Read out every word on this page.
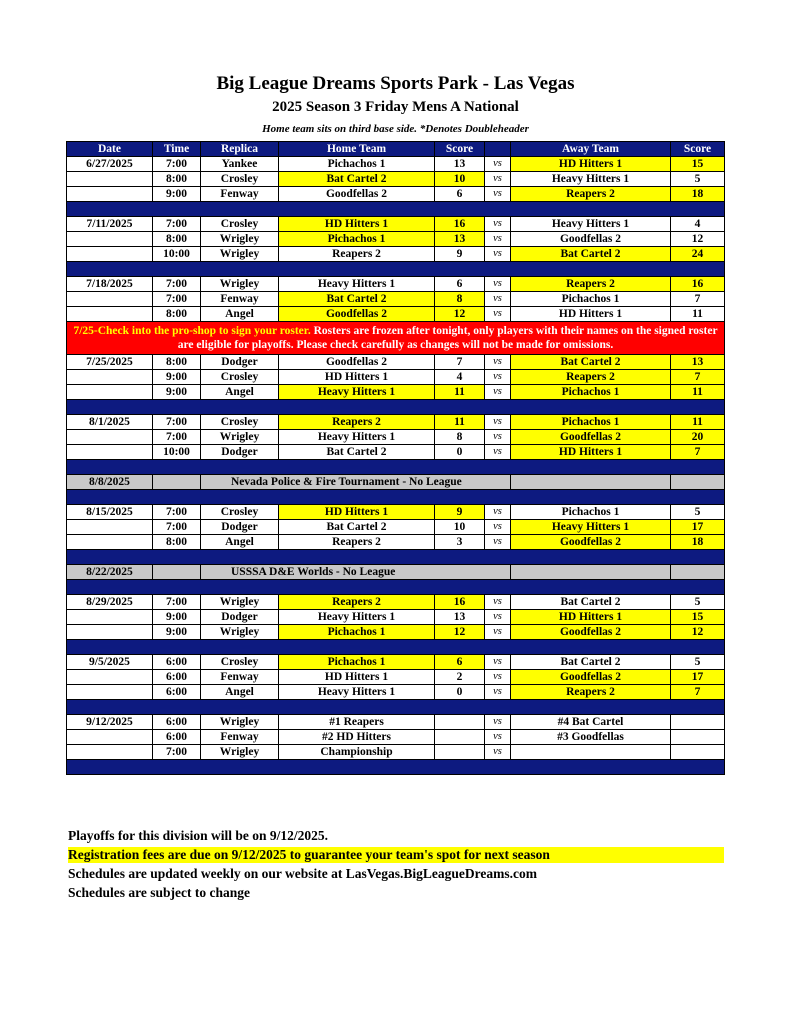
Big League Dreams Sports Park - Las Vegas
2025 Season 3 Friday Mens A National
Home team sits on third base side. *Denotes Doubleheader
Date	Time	Replica	Home Team	Score		Away Team	Score
6/27/2025	7:00	Yankee	Pichachos 1	13	vs	HD Hitters 1	15
	8:00	Crosley	Bat Cartel 2	10	vs	Heavy Hitters 1	5
	9:00	Fenway	Goodfellas 2	6	vs	Reapers 2	18

7/11/2025	7:00	Crosley	HD Hitters 1	16	vs	Heavy Hitters 1	4
	8:00	Wrigley	Pichachos 1	13	vs	Goodfellas 2	12
	10:00	Wrigley	Reapers 2	9	vs	Bat Cartel 2	24

7/18/2025	7:00	Wrigley	Heavy Hitters 1	6	vs	Reapers 2	16
	7:00	Fenway	Bat Cartel 2	8	vs	Pichachos 1	7
	8:00	Angel	Goodfellas 2	12	vs	HD Hitters 1	11
7/25-Check into the pro-shop to sign your roster. Rosters are frozen after tonight, only players with their names on the signed roster are eligible for playoffs. Please check carefully as changes will not be made for omissions.							
7/25/2025	8:00	Dodger	Goodfellas 2	7	vs	Bat Cartel 2	13
	9:00	Crosley	HD Hitters 1	4	vs	Reapers 2	7
	9:00	Angel	Heavy Hitters 1	11	vs	Pichachos 1	11

8/1/2025	7:00	Crosley	Reapers 2	11	vs	Pichachos 1	11
	7:00	Wrigley	Heavy Hitters 1	8	vs	Goodfellas 2	20
	10:00	Dodger	Bat Cartel 2	0	vs	HD Hitters 1	7

8/8/2025		Nevada Police & Fire Tournament - No League					

8/15/2025	7:00	Crosley	HD Hitters 1	9	vs	Pichachos 1	5
	7:00	Dodger	Bat Cartel 2	10	vs	Heavy Hitters 1	17
	8:00	Angel	Reapers 2	3	vs	Goodfellas 2	18

8/22/2025		USSSA D&E Worlds - No League					

8/29/2025	7:00	Wrigley	Reapers 2	16	vs	Bat Cartel 2	5
	9:00	Dodger	Heavy Hitters 1	13	vs	HD Hitters 1	15
	9:00	Wrigley	Pichachos 1	12	vs	Goodfellas 2	12

9/5/2025	6:00	Crosley	Pichachos 1	6	vs	Bat Cartel 2	5
	6:00	Fenway	HD Hitters 1	2	vs	Goodfellas 2	17
	6:00	Angel	Heavy Hitters 1	0	vs	Reapers 2	7

9/12/2025	6:00	Wrigley	#1 Reapers		vs	#4 Bat Cartel	
	6:00	Fenway	#2 HD Hitters		vs	#3 Goodfellas	
	7:00	Wrigley	Championship		vs		

Playoffs for this division will be on 9/12/2025.
Registration fees are due on 9/12/2025 to guarantee your team's spot for next season
Schedules are updated weekly on our website at LasVegas.BigLeagueDreams.com
Schedules are subject to change
